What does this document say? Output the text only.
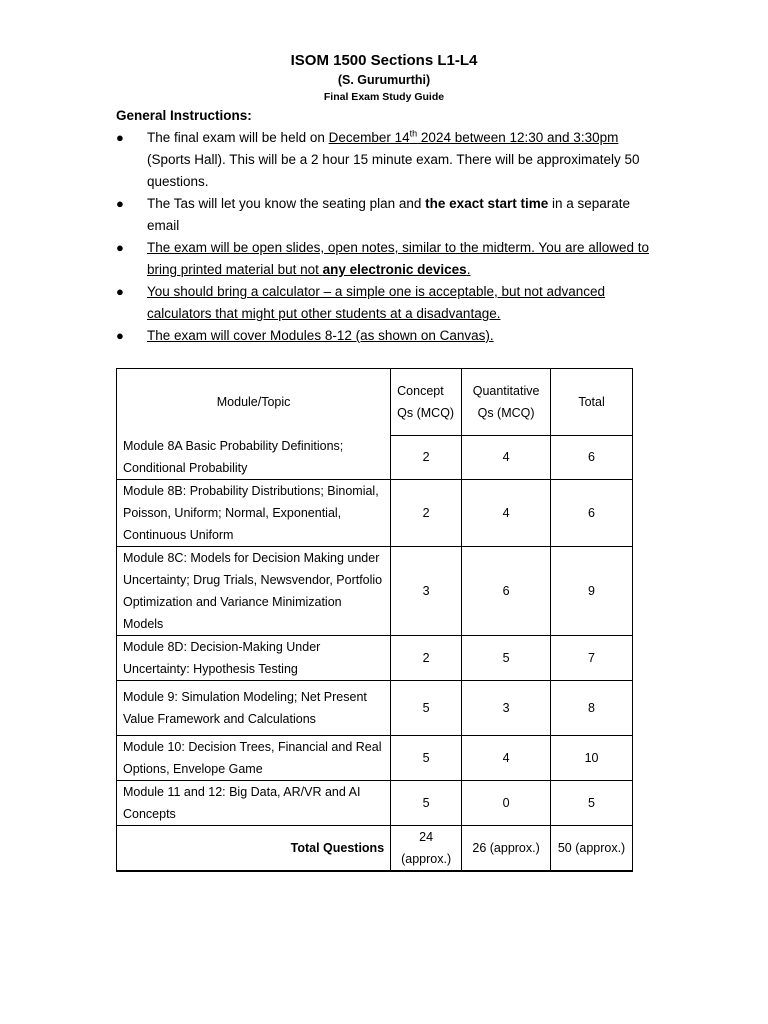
ISOM 1500 Sections L1-L4
(S. Gurumurthi)
Final Exam Study Guide
General Instructions:
● The final exam will be held on December 14th 2024 between 12:30 and 3:30pm (Sports Hall). This will be a 2 hour 15 minute exam. There will be approximately 50 questions.
● The Tas will let you know the seating plan and the exact start time in a separate email
● The exam will be open slides, open notes, similar to the midterm. You are allowed to bring printed material but not any electronic devices.
● You should bring a calculator – a simple one is acceptable, but not advanced calculators that might put other students at a disadvantage.
● The exam will cover Modules 8-12 (as shown on Canvas).
Module/Topic	Concept Qs (MCQ)	Quantitative Qs (MCQ)	Total
Module 8A Basic Probability Definitions; Conditional Probability	2	4	6
Module 8B: Probability Distributions; Binomial, Poisson, Uniform; Normal, Exponential, Continuous Uniform	2	4	6
Module 8C: Models for Decision Making under Uncertainty; Drug Trials, Newsvendor, Portfolio Optimization and Variance Minimization Models	3	6	9
Module 8D: Decision-Making Under Uncertainty: Hypothesis Testing	2	5	7
Module 9: Simulation Modeling; Net Present Value Framework and Calculations	5	3	8
Module 10: Decision Trees, Financial and Real Options, Envelope Game	5	4	10
Module 11 and 12: Big Data, AR/VR and AI Concepts	5	0	5
Total Questions	24 (approx.)	26 (approx.)	50 (approx.)
